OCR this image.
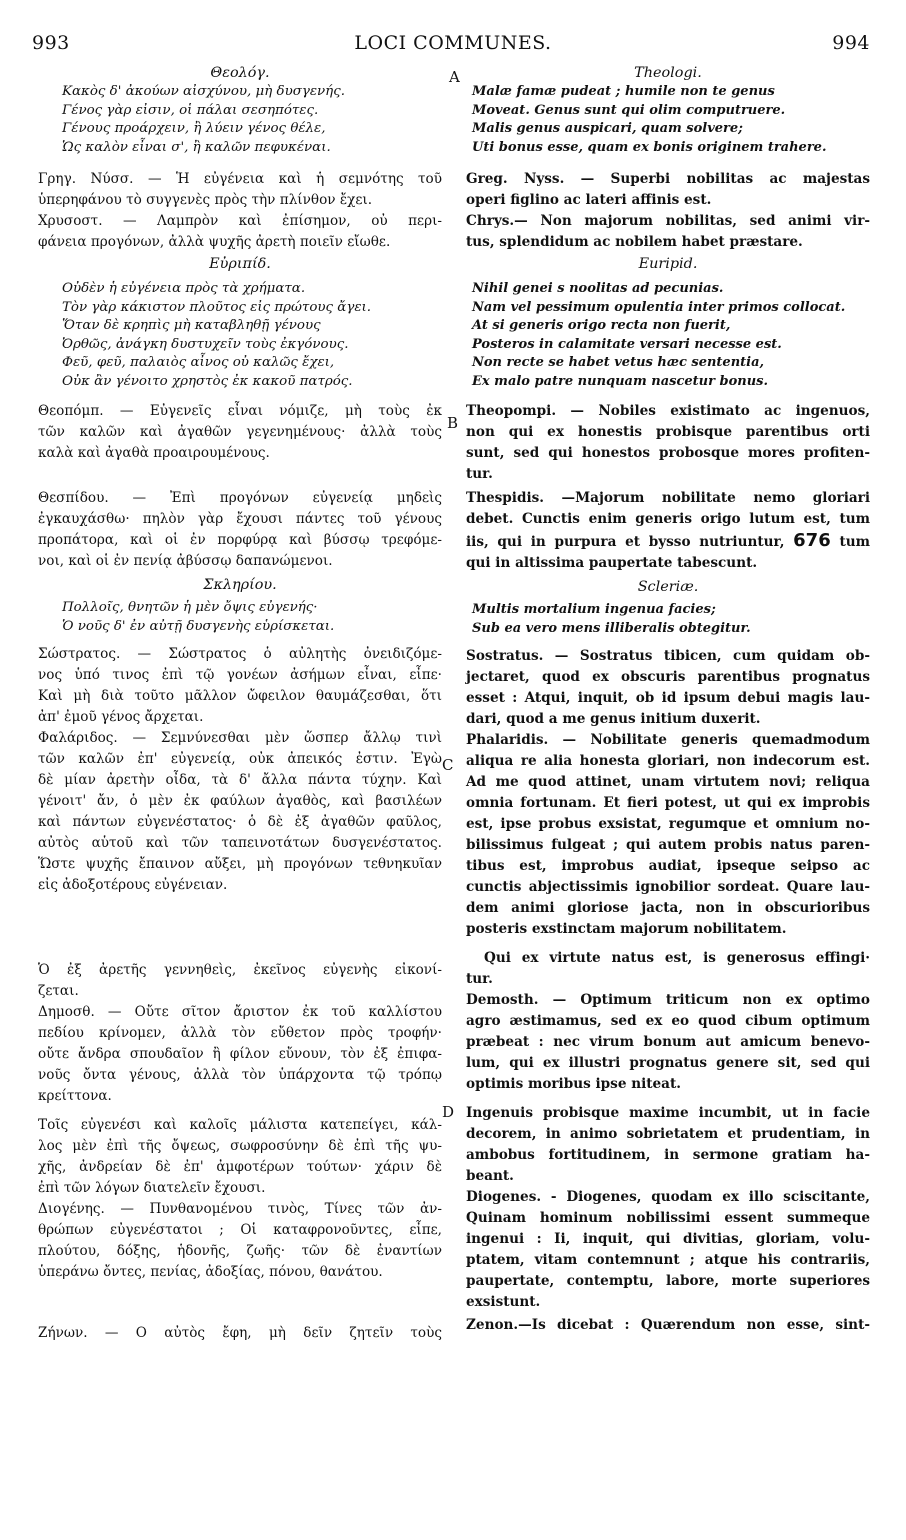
993	LOCI COMMUNES.	994
A
B
C
D
Θεολόγ.
Κακὸς δ' ἀκούων αἰσχύνου, μὴ δυσγενής.
Γένος γὰρ εἰσιν, οἱ πάλαι σεσηπότες.
Γένους προάρχειν, ἢ λύειν γένος θέλε,
Ὡς καλὸν εἶναι σ', ἢ καλῶν πεφυκέναι.
Γρηγ. Νύσσ. — Ἡ εὐγένεια καὶ ἡ σεμνότης τοῦ
ὑπερηφάνου τὸ συγγενὲς πρὸς τὴν πλίνθον ἔχει.
Χρυσοστ. — Λαμπρὸν καὶ ἐπίσημον, οὐ περι-
φάνεια προγόνων, ἀλλὰ ψυχῆς ἀρετὴ ποιεῖν εἴωθε.
Εὐριπίδ.
Οὐδὲν ἡ εὐγένεια πρὸς τὰ χρήματα.
Τὸν γὰρ κάκιστον πλοῦτος εἰς πρώτους ἄγει.
Ὅταν δὲ κρηπὶς μὴ καταβληθῇ γένους
Ὀρθῶς, ἀνάγκη δυστυχεῖν τοὺς ἐκγόνους.
Φεῦ, φεῦ, παλαιὸς αἶνος οὐ καλῶς ἔχει,
Οὐκ ἂν γένοιτο χρηστὸς ἐκ κακοῦ πατρός.
Θεοπόμπ. — Εὐγενεῖς εἶναι νόμιζε, μὴ τοὺς ἐκ
τῶν καλῶν καὶ ἀγαθῶν γεγενημένους· ἀλλὰ τοὺς
καλὰ καὶ ἀγαθὰ προαιρουμένους.
Θεσπίδου. — Ἐπὶ προγόνων εὐγενείᾳ μηδεὶς
ἐγκαυχάσθω· πηλὸν γὰρ ἔχουσι πάντες τοῦ γένους
προπάτορα, καὶ οἱ ἐν πορφύρᾳ καὶ βύσσῳ τρεφόμε-
νοι, καὶ οἱ ἐν πενίᾳ ἀβύσσῳ δαπανώμενοι.
Σκληρίου.
Πολλοῖς, θνητῶν ἡ μὲν ὄψις εὐγενής·
Ὁ νοῦς δ' ἐν αὐτῇ δυσγενὴς εὑρίσκεται.
Σώστρατος. — Σώστρατος ὁ αὐλητὴς ὀνειδιζόμε-
νος ὑπό τινος ἐπὶ τῷ γονέων ἀσήμων εἶναι, εἶπε·
Καὶ μὴ διὰ τοῦτο μᾶλλον ὤφειλον θαυμάζεσθαι, ὅτι
ἀπ' ἐμοῦ γένος ἄρχεται.
Φαλάριδος. — Σεμνύνεσθαι μὲν ὥσπερ ἄλλῳ τινὶ
τῶν καλῶν ἐπ' εὐγενείᾳ, οὐκ ἀπεικός ἐστιν. Ἐγὼ
δὲ μίαν ἀρετὴν οἶδα, τὰ δ' ἄλλα πάντα τύχην. Καὶ
γένοιτ' ἄν, ὁ μὲν ἐκ φαύλων ἀγαθὸς, καὶ βασιλέων
καὶ πάντων εὐγενέστατος· ὁ δὲ ἐξ ἀγαθῶν φαῦλος,
αὐτὸς αὑτοῦ καὶ τῶν ταπεινοτάτων δυσγενέστατος.
Ὥστε ψυχῆς ἔπαινον αὔξει, μὴ προγόνων τεθνηκυῖαν
εἰς ἀδοξοτέρους εὐγένειαν.
Ὁ ἐξ ἀρετῆς γεννηθεὶς, ἐκεῖνος εὐγενὴς εἰκονί-
ζεται.
Δημοσθ. — Οὔτε σῖτον ἄριστον ἐκ τοῦ καλλίστου
πεδίου κρίνομεν, ἀλλὰ τὸν εὔθετον πρὸς τροφήν·
οὔτε ἄνδρα σπουδαῖον ἢ φίλον εὔνουν, τὸν ἐξ ἐπιφα-
νοῦς ὄντα γένους, ἀλλὰ τὸν ὑπάρχοντα τῷ τρόπῳ
κρείττονα.
Τοῖς εὐγενέσι καὶ καλοῖς μάλιστα κατεπείγει, κάλ-
λος μὲν ἐπὶ τῆς ὄψεως, σωφροσύνην δὲ ἐπὶ τῆς ψυ-
χῆς, ἀνδρείαν δὲ ἐπ' ἀμφοτέρων τούτων· χάριν δὲ
ἐπὶ τῶν λόγων διατελεῖν ἔχουσι.
Διογένης. — Πυνθανομένου τινὸς, Τίνες τῶν ἀν-
θρώπων εὐγενέστατοι ; Οἱ καταφρονοῦντες, εἶπε,
πλούτου, δόξης, ἡδονῆς, ζωῆς· τῶν δὲ ἐναντίων
ὑπεράνω ὄντες, πενίας, ἀδοξίας, πόνου, θανάτου.
Ζήνων. — Ο αὐτὸς ἔφη, μὴ δεῖν ζητεῖν τοὺς
Theologi.
Malæ famæ pudeat ; humile non te genus
Moveat. Genus sunt qui olim computruere.
Malis genus auspicari, quam solvere;
Uti bonus esse, quam ex bonis originem trahere.
Greg. Nyss. — Superbi nobilitas ac majestas
operi figlino ac lateri affinis est.
Chrys.— Non majorum nobilitas, sed animi vir-
tus, splendidum ac nobilem habet præstare.
Euripid.
Nihil genei s noolitas ad pecunias.
Nam vel pessimum opulentia inter primos collocat.
At si generis origo recta non fuerit,
Posteros in calamitate versari necesse est.
Non recte se habet vetus hæc sententia,
Ex malo patre nunquam nascetur bonus.
Theopompi. — Nobiles existimato ac ingenuos,
non qui ex honestis probisque parentibus orti
sunt, sed qui honestos probosque mores profiten-
tur.
Thespidis. —Majorum nobilitate nemo gloriari
debet. Cunctis enim generis origo lutum est, tum
iis, qui in purpura et bysso nutriuntur, 676 tum
qui in altissima paupertate tabescunt.
Scleriæ.
Multis mortalium ingenua facies;
Sub ea vero mens illiberalis obtegitur.
Sostratus. — Sostratus tibicen, cum quidam ob-
jectaret, quod ex obscuris parentibus prognatus
esset : Atqui, inquit, ob id ipsum debui magis lau-
dari, quod a me genus initium duxerit.
Phalaridis. — Nobilitate generis quemadmodum
aliqua re alia honesta gloriari, non indecorum est.
Ad me quod attinet, unam virtutem novi; reliqua
omnia fortunam. Et fieri potest, ut qui ex improbis
est, ipse probus exsistat, regumque et omnium no-
bilissimus fulgeat ; qui autem probis natus paren-
tibus est, improbus audiat, ipseque seipso ac
cunctis abjectissimis ignobilior sordeat. Quare lau-
dem animi gloriose jacta, non in obscurioribus
posteris exstinctam majorum nobilitatem.
Qui ex virtute natus est, is generosus effingi·
tur.
Demosth. — Optimum triticum non ex optimo
agro æstimamus, sed ex eo quod cibum optimum
præbeat : nec virum bonum aut amicum benevo-
lum, qui ex illustri prognatus genere sit, sed qui
optimis moribus ipse niteat.
Ingenuis probisque maxime incumbit, ut in facie
decorem, in animo sobrietatem et prudentiam, in
ambobus fortitudinem, in sermone gratiam ha-
beant.
Diogenes. - Diogenes, quodam ex illo sciscitante,
Quinam hominum nobilissimi essent summeque
ingenui : Ii, inquit, qui divitias, gloriam, volu-
ptatem, vitam contemnunt ; atque his contrariis,
paupertate, contemptu, labore, morte superiores
exsistunt.
Zenon.—Is dicebat : Quærendum non esse, sint-
